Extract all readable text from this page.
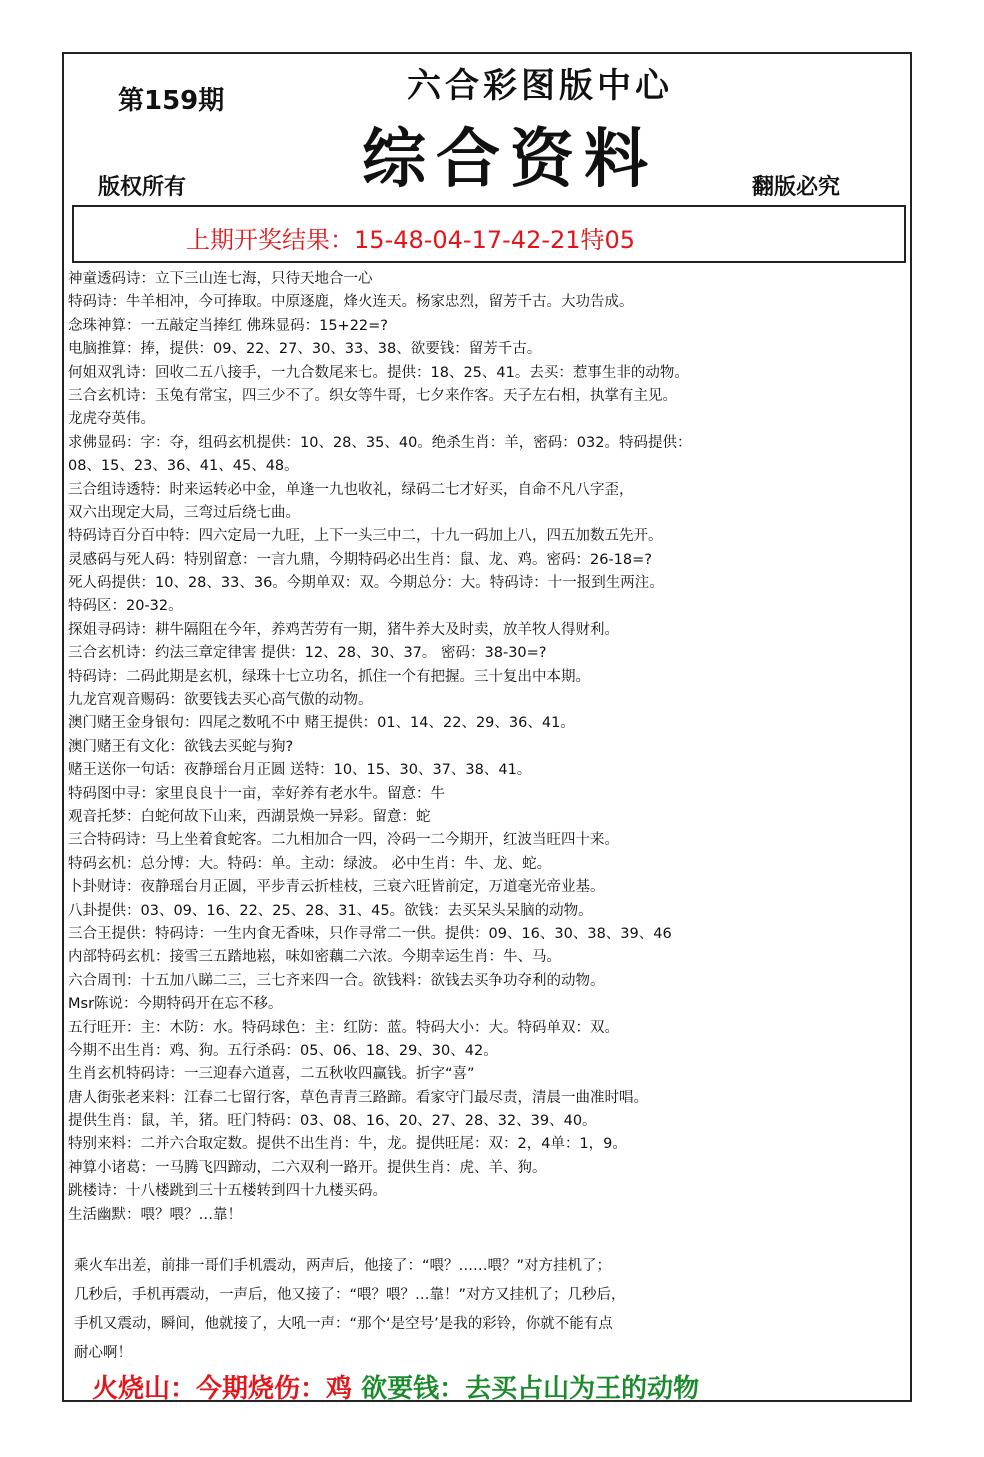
第159期	六合彩图版中心
综合资料
版权所有	翻版必究
上期开奖结果：15-48-04-17-42-21特05
神童透码诗：立下三山连七海，只待天地合一心
特码诗：牛羊相冲，今可捧取。中原逐鹿，烽火连天。杨家忠烈，留芳千古。大功告成。
念珠神算：一五敲定当捧红 佛珠显码：15+22=?
电脑推算：捧，提供：09、22、27、30、33、38、欲要钱：留芳千古。
何姐双乳诗：回收二五八接手，一九合数尾来七。提供：18、25、41。去买：惹事生非的动物。
三合玄机诗：玉兔有常宝，四三少不了。织女等牛哥，七夕来作客。天子左右相，执掌有主见。
龙虎夺英伟。
求佛显码：字：夺，组码玄机提供：10、28、35、40。绝杀生肖：羊，密码：032。特码提供：
08、15、23、36、41、45、48。
三合组诗透特：时来运转必中金，单逢一九也收礼，绿码二七才好买，自命不凡八字歪，
双六出现定大局，三弯过后绕七曲。
特码诗百分百中特：四六定局一九旺，上下一头三中二，十九一码加上八，四五加数五先开。
灵感码与死人码：特别留意：一言九鼎，今期特码必出生肖：鼠、龙、鸡。密码：26-18=?
死人码提供：10、28、33、36。今期单双：双。今期总分：大。特码诗：十一报到生两注。
特码区：20-32。
探姐寻码诗：耕牛隔阻在今年，养鸡苦劳有一期，猪牛养大及时卖，放羊牧人得财利。
三合玄机诗：约法三章定律害 提供：12、28、30、37。 密码：38-30=?
特码诗：二码此期是玄机，绿珠十七立功名，抓住一个有把握。三十复出中本期。
九龙宫观音赐码：欲要钱去买心高气傲的动物。
澳门赌王金身银句：四尾之数吼不中 赌王提供：01、14、22、29、36、41。
澳门赌王有文化：欲钱去买蛇与狗?
赌王送你一句话：夜静瑶台月正圆 送特：10、15、30、37、38、41。
特码图中寻：家里良良十一亩，幸好养有老水牛。留意：牛
观音托梦：白蛇何故下山来，西湖景焕一异彩。留意：蛇
三合特码诗：马上坐着食蛇客。二九相加合一四，冷码一二今期开，红波当旺四十来。
特码玄机：总分博：大。特码：单。主动：绿波。 必中生肖：牛、龙、蛇。
卜卦财诗：夜静瑶台月正圆，平步青云折桂枝，三衰六旺皆前定，万道毫光帝业基。
八卦提供：03、09、16、22、25、28、31、45。欲钱：去买呆头呆脑的动物。
三合王提供：特码诗：一生内食无香味，只作寻常二一供。提供：09、16、30、38、39、46
内部特码玄机：接雪三五踏地崧，味如密藕二六浓。今期幸运生肖：牛、马。
六合周刊：十五加八睇二三，三七齐来四一合。欲钱料：欲钱去买争功夺利的动物。
Msr陈说：今期特码开在忘不移。
五行旺开：主：木防：水。特码球色：主：红防：蓝。特码大小：大。特码单双：双。
今期不出生肖：鸡、狗。五行杀码：05、06、18、29、30、42。
生肖玄机特码诗：一三迎春六道喜，二五秋收四赢钱。折字“喜”
唐人街张老来料：江春二七留行客，草色青青三路蹄。看家守门最尽责，清晨一曲准时唱。
提供生肖：鼠，羊，猪。旺门特码：03、08、16、20、27、28、32、39、40。
特别来料：二并六合取定数。提供不出生肖：牛，龙。提供旺尾：双：2，4单：1，9。
神算小诸葛：一马腾飞四蹄动，二六双利一路开。提供生肖：虎、羊、狗。
跳楼诗：十八楼跳到三十五楼转到四十九楼买码。
生活幽默：喂？喂？…靠！

乘火车出差，前排一哥们手机震动，两声后，他接了：“喂？……喂？”对方挂机了；

几秒后，手机再震动，一声后，他又接了：“喂？喂？…靠！”对方又挂机了；几秒后，

手机又震动，瞬间，他就接了，大吼一声：“那个‘是空号’是我的彩铃，你就不能有点

耐心啊！

火烧山：今期烧伤：鸡 欲要钱：去买占山为王的动物
